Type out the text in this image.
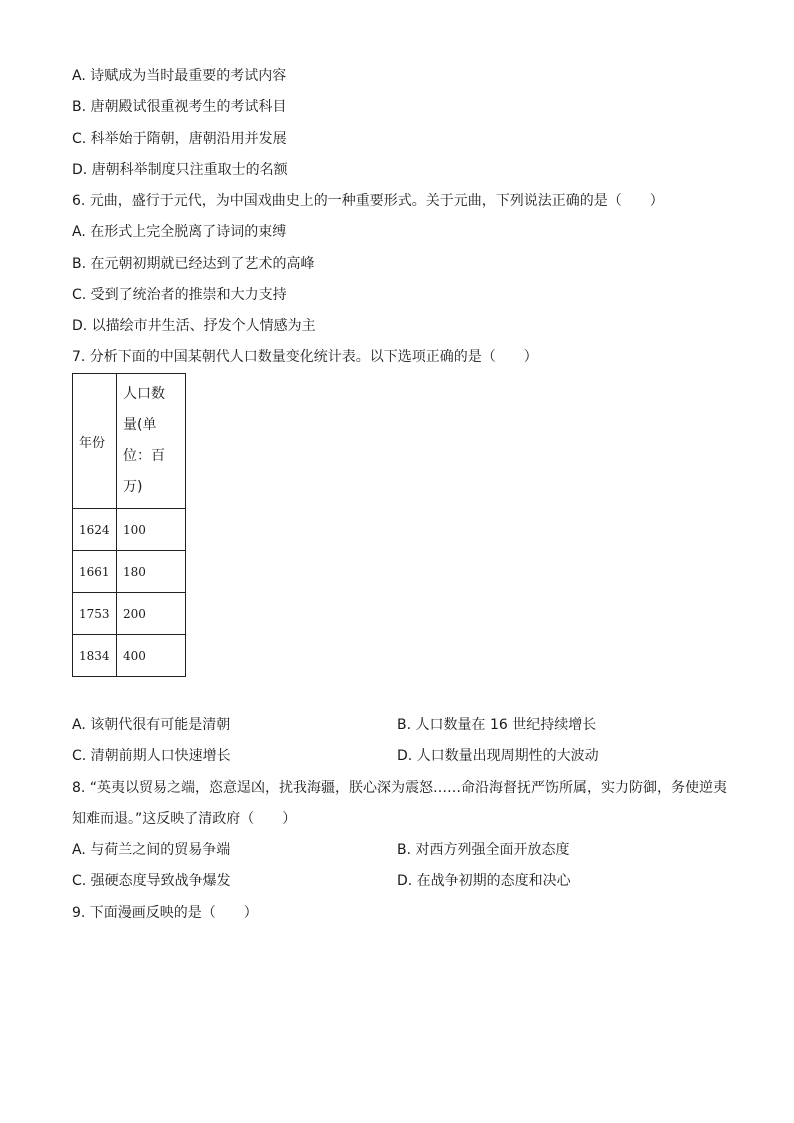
A. 诗赋成为当时最重要的考试内容
B. 唐朝殿试很重视考生的考试科目
C. 科举始于隋朝，唐朝沿用并发展
D. 唐朝科举制度只注重取士的名额
6. 元曲，盛行于元代，为中国戏曲史上的一种重要形式。关于元曲，下列说法正确的是（　　）
A. 在形式上完全脱离了诗词的束缚
B. 在元朝初期就已经达到了艺术的高峰
C. 受到了统治者的推崇和大力支持
D. 以描绘市井生活、抒发个人情感为主
7. 分析下面的中国某朝代人口数量变化统计表。以下选项正确的是（　　）
年份	人口数
量(单
位：百
万)

1624	100
1661	180
1753	200
1834	400
A. 该朝代很有可能是清朝	B. 人口数量在 16 世纪持续增长
C. 清朝前期人口快速增长	D. 人口数量出现周期性的大波动
8. “英夷以贸易之端，恣意逞凶，扰我海疆，朕心深为震怒……命沿海督抚严饬所属，实力防御，务使逆夷
知难而退。”这反映了清政府（　　）
A. 与荷兰之间的贸易争端	B. 对西方列强全面开放态度
C. 强硬态度导致战争爆发	D. 在战争初期的态度和决心
9. 下面漫画反映的是（　　）
